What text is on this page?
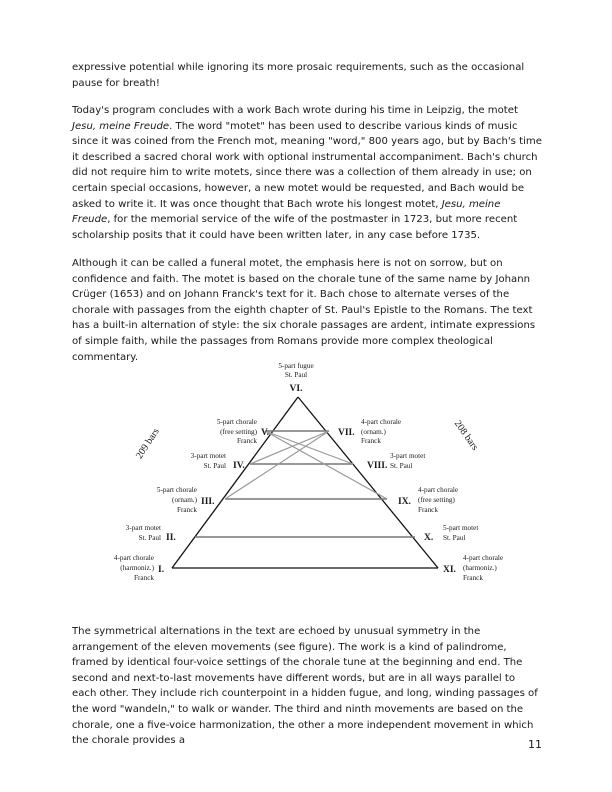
expressive potential while ignoring its more prosaic requirements, such as the occasional pause for breath!

Today's program concludes with a work Bach wrote during his time in Leipzig, the motet Jesu, meine Freude. The word "motet" has been used to describe various kinds of music since it was coined from the French mot, meaning "word," 800 years ago, but by Bach's time it described a sacred choral work with optional instrumental accompaniment. Bach's church did not require him to write motets, since there was a collection of them already in use; on certain special occasions, however, a new motet would be requested, and Bach would be asked to write it. It was once thought that Bach wrote his longest motet, Jesu, meine Freude, for the memorial service of the wife of the postmaster in 1723, but more recent scholarship posits that it could have been written later, in any case before 1735.

Although it can be called a funeral motet, the emphasis here is not on sorrow, but on confidence and faith. The motet is based on the chorale tune of the same name by Johann Crüger (1653) and on Johann Franck's text for it. Bach chose to alternate verses of the chorale with passages from the eighth chapter of St. Paul's Epistle to the Romans. The text has a built-in alternation of style: the six chorale passages are ardent, intimate expressions of simple faith, while the passages from Romans provide more complex theological commentary.

209 bars	208 bars
5-part fugue
St. Paul
VI.
5-part chorale
(free setting)
Franck
V.	VII.
4-part chorale
(ornam.)
Franck
3-part motet
St. Paul IV.	VIII.
3-part motet
St. Paul
5-part chorale
(ornam.)
Franck
III.	IX.
4-part chorale
(free setting)
Franck
3-part motet
St. Paul II.	X.
5-part motet
St. Paul
4-part chorale
(harmoniz.)
Franck
I.	XI.
4-part chorale
(harmoniz.)
Franck

The symmetrical alternations in the text are echoed by unusual symmetry in the arrangement of the eleven movements (see figure). The work is a kind of palindrome, framed by identical four-voice settings of the chorale tune at the beginning and end. The second and next-to-last movements have different words, but are in all ways parallel to each other. They include rich counterpoint in a hidden fugue, and long, winding passages of the word "wandeln," to walk or wander. The third and ninth movements are based on the chorale, one a five-voice harmonization, the other a more independent movement in which the chorale provides a	11
